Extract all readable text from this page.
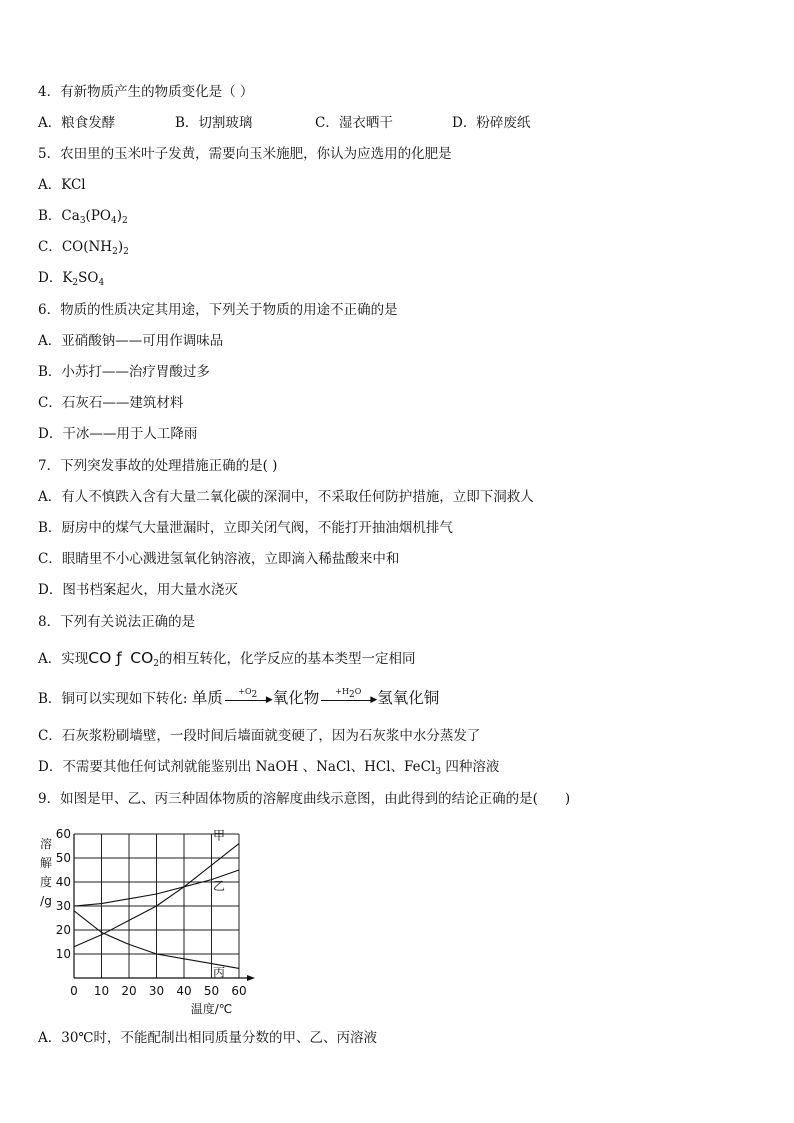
4．有新物质产生的物质变化是（ ）
A．粮食发酵	B．切割玻璃	C．湿衣晒干	D．粉碎废纸
5．农田里的玉米叶子发黄，需要向玉米施肥，你认为应选用的化肥是
A．KCl
B．$Ca_3(PO_4)_2$
C．$CO(NH_2)_2$
D．$K_2SO_4$
6．物质的性质决定其用途，下列关于物质的用途不正确的是
A．亚硝酸钠——可用作调味品
B．小苏打——治疗胃酸过多
C．石灰石——建筑材料
D．干冰——用于人工降雨
7．下列突发事故的处理措施正确的是( )
A．有人不慎跌入含有大量二氧化碳的深洞中，不采取任何防护措施，立即下洞救人
B．厨房中的煤气大量泄漏时，立即关闭气阀，不能打开抽油烟机排气
C．眼睛里不小心溅进氢氧化钠溶液，立即滴入稀盐酸来中和
D．图书档案起火，用大量水浇灭
8．下列有关说法正确的是
A．实现CO ƒ $CO_2$的相互转化，化学反应的基本类型一定相同
B．铜可以实现如下转化: 单质	$+O_2$ ▶ 氧化物	$+H_2O$
▶ 氢氧化铜
C．石灰浆粉刷墙壁，一段时间后墙面就变硬了，因为石灰浆中水分蒸发了
D．不需要其他任何试剂就能鉴别出 NaOH 、NaCl、HCl、FeCl$_3$ 四种溶液
9．如图是甲、乙、丙三种固体物质的溶解度曲线示意图，由此得到的结论正确的是(　　)
0 10 20 30 40 50 60
10
20
30
40
50
60
溶
解
度
/g
温度/℃
甲
乙
丙
A．30℃时，不能配制出相同质量分数的甲、乙、丙溶液
